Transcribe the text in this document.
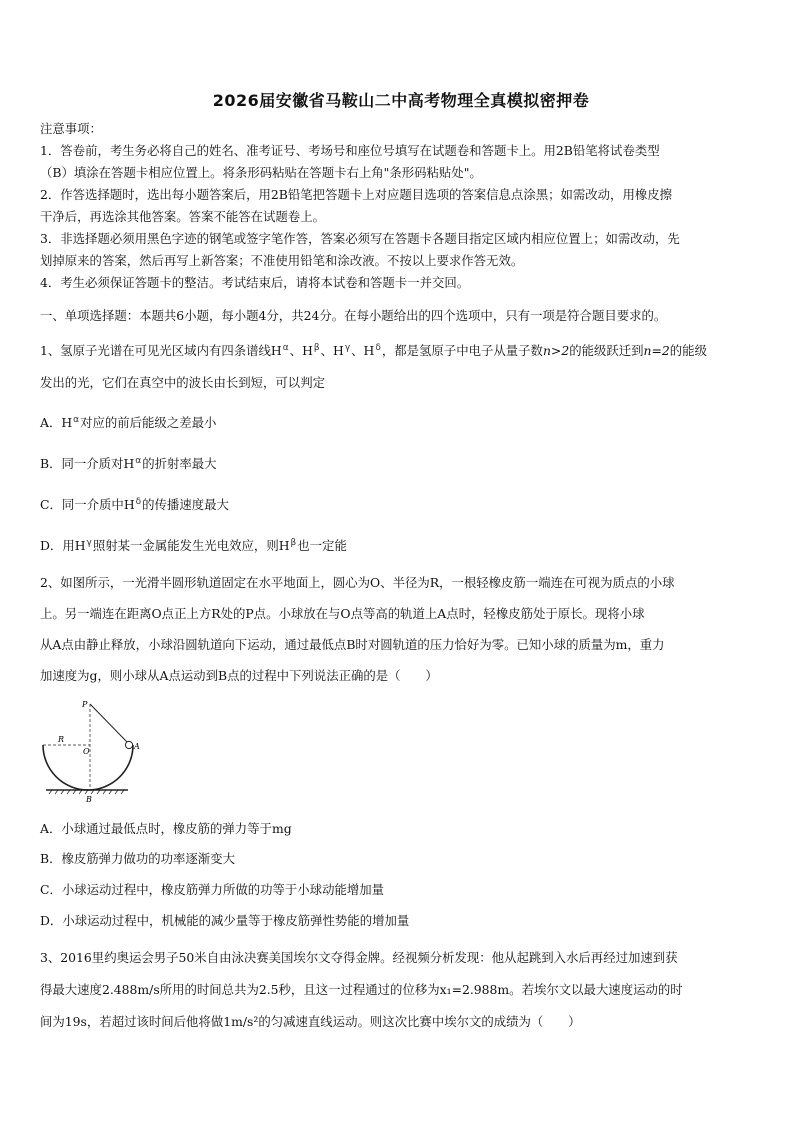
2026届安徽省马鞍山二中高考物理全真模拟密押卷
注意事项：
1．答卷前，考生务必将自己的姓名、准考证号、考场号和座位号填写在试题卷和答题卡上。用2B铅笔将试卷类型
（B）填涂在答题卡相应位置上。将条形码粘贴在答题卡右上角"条形码粘贴处"。
2．作答选择题时，选出每小题答案后，用2B铅笔把答题卡上对应题目选项的答案信息点涂黑；如需改动，用橡皮擦
干净后，再选涂其他答案。答案不能答在试题卷上。
3．非选择题必须用黑色字迹的钢笔或签字笔作答，答案必须写在答题卡各题目指定区域内相应位置上；如需改动，先
划掉原来的答案，然后再写上新答案；不准使用铅笔和涂改液。不按以上要求作答无效。
4．考生必须保证答题卡的整洁。考试结束后，请将本试卷和答题卡一并交回。
一、单项选择题：本题共6小题，每小题4分，共24分。在每小题给出的四个选项中，只有一项是符合题目要求的。
1、氢原子光谱在可见光区域内有四条谱线$H^\alpha$、$H^\beta$、$H^\gamma$、$H^\delta$，都是氢原子中电子从量子数n>2的能级跃迁到n=2的能级
发出的光，它们在真空中的波长由长到短，可以判定
A．$H^\alpha$对应的前后能级之差最小
B．同一介质对$H^\alpha$的折射率最大
C．同一介质中$H^\delta$的传播速度最大
D．用$H^\gamma$照射某一金属能发生光电效应，则$H^\beta$也一定能
2、如图所示，一光滑半圆形轨道固定在水平地面上，圆心为O、半径为R，一根轻橡皮筋一端连在可视为质点的小球
上。另一端连在距离O点正上方R处的P点。小球放在与O点等高的轨道上A点时，轻橡皮筋处于原长。现将小球
从A点由静止释放，小球沿圆轨道向下运动，通过最低点B时对圆轨道的压力恰好为零。已知小球的质量为m，重力
加速度为g，则小球从A点运动到B点的过程中下列说法正确的是（　　）
P
R
O
A
B
A．小球通过最低点时，橡皮筋的弹力等于mg
B．橡皮筋弹力做功的功率逐渐变大
C．小球运动过程中，橡皮筋弹力所做的功等于小球动能增加量
D．小球运动过程中，机械能的减少量等于橡皮筋弹性势能的增加量
3、2016里约奥运会男子50米自由泳决赛美国埃尔文夺得金牌。经视频分析发现：他从起跳到入水后再经过加速到获
得最大速度2.488m/s所用的时间总共为2.5秒，且这一过程通过的位移为x₁=2.988m。若埃尔文以最大速度运动的时
间为19s，若超过该时间后他将做1m/s²的匀减速直线运动。则这次比赛中埃尔文的成绩为（　　）
